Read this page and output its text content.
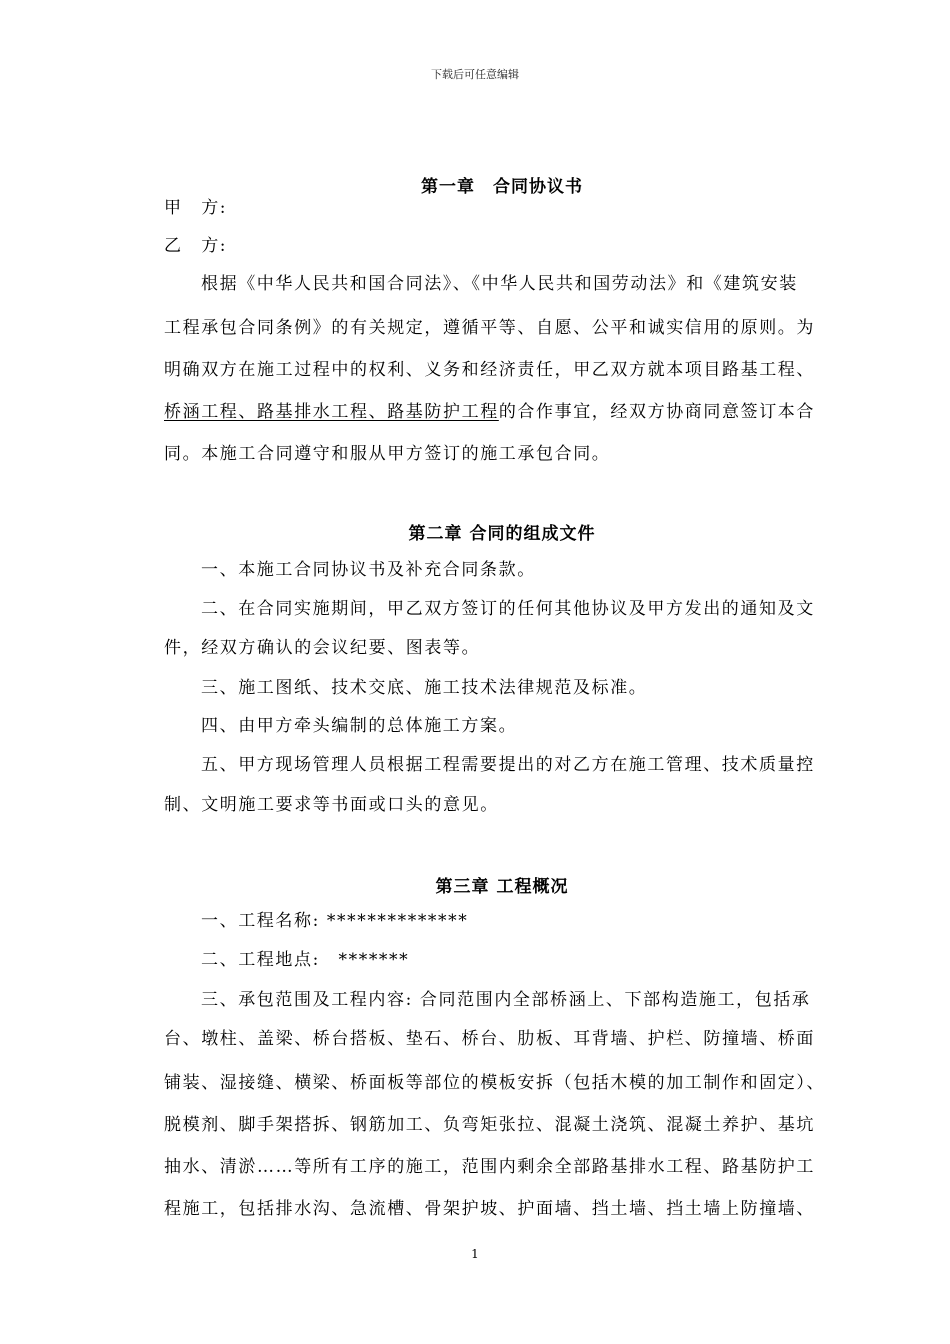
下载后可任意编辑
第一章　合同协议书
甲　方:
乙　方:
根据《中华人民共和国合同法》、《中华人民共和国劳动法》和《建筑安装
工程承包合同条例》的有关规定，遵循平等、自愿、公平和诚实信用的原则。为
明确双方在施工过程中的权利、义务和经济责任，甲乙双方就本项目路基工程、
桥涵工程、路基排水工程、路基防护工程的合作事宜，经双方协商同意签订本合
同。本施工合同遵守和服从甲方签订的施工承包合同。
第二章 合同的组成文件
一、本施工合同协议书及补充合同条款。
二、在合同实施期间，甲乙双方签订的任何其他协议及甲方发出的通知及文
件，经双方确认的会议纪要、图表等。
三、施工图纸、技术交底、施工技术法律规范及标准。
四、由甲方牵头编制的总体施工方案。
五、甲方现场管理人员根据工程需要提出的对乙方在施工管理、技术质量控
制、文明施工要求等书面或口头的意见。
第三章 工程概况
一、工程名称: **************
二、工程地点:　*******
三、承包范围及工程内容: 合同范围内全部桥涵上、下部构造施工，包括承
台、墩柱、盖梁、桥台搭板、垫石、桥台、肋板、耳背墙、护栏、防撞墙、桥面
铺装、湿接缝、横梁、桥面板等部位的模板安拆（包括木模的加工制作和固定）、
脱模剂、脚手架搭拆、钢筋加工、负弯矩张拉、混凝土浇筑、混凝土养护、基坑
抽水、清淤……等所有工序的施工，范围内剩余全部路基排水工程、路基防护工
程施工，包括排水沟、急流槽、骨架护坡、护面墙、挡土墙、挡土墙上防撞墙、
1
